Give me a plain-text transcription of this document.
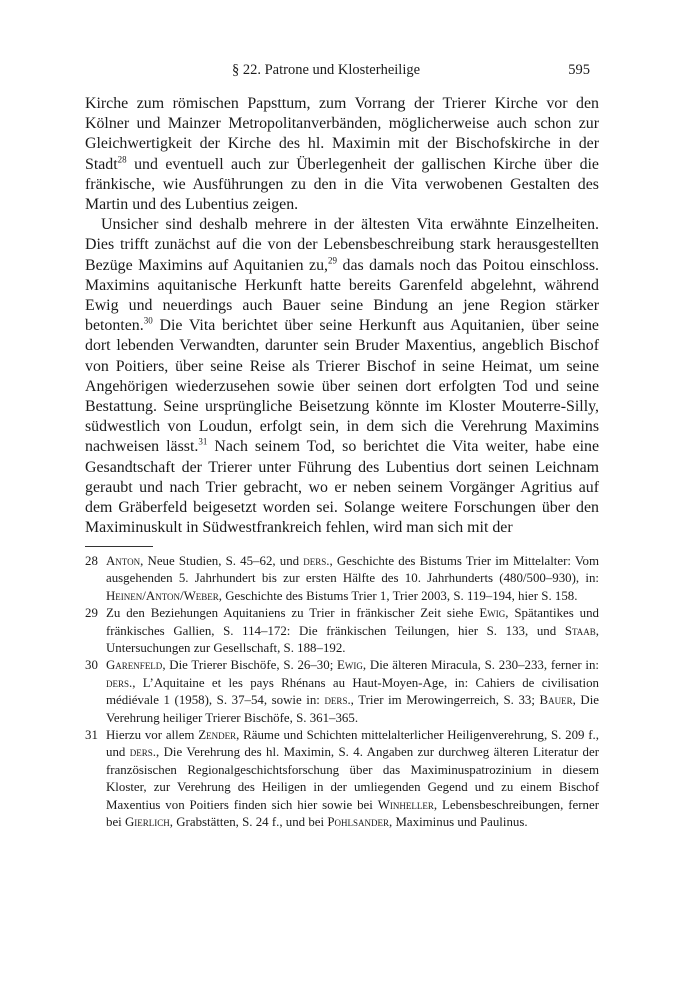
§ 22. Patrone und Klosterheilige	595

Kirche zum römischen Papsttum, zum Vorrang der Trierer Kirche vor den Kölner und Mainzer Metropolitanverbänden, möglicherweise auch schon zur Gleichwertigkeit der Kirche des hl. Maximin mit der Bischofskirche in der Stadt$^{28}$ und eventuell auch zur Überlegenheit der gallischen Kirche über die fränkische, wie Ausführungen zu den in die Vita verwobenen Gestalten des Martin und des Lubentius zeigen.

Unsicher sind deshalb mehrere in der ältesten Vita erwähnte Einzelheiten. Dies trifft zunächst auf die von der Lebensbeschreibung stark herausgestellten Bezüge Maximins auf Aquitanien zu,$^{29}$ das damals noch das Poitou einschloss. Maximins aquitanische Herkunft hatte bereits Garenfeld abgelehnt, während Ewig und neuerdings auch Bauer seine Bindung an jene Region stärker betonten.$^{30}$ Die Vita berichtet über seine Herkunft aus Aquitanien, über seine dort lebenden Verwandten, darunter sein Bruder Maxentius, angeblich Bischof von Poitiers, über seine Reise als Trierer Bischof in seine Heimat, um seine Angehörigen wiederzusehen sowie über seinen dort erfolgten Tod und seine Bestattung. Seine ursprüngliche Beisetzung könnte im Kloster Mouterre-Silly, südwestlich von Loudun, erfolgt sein, in dem sich die Verehrung Maximins nachweisen lässt.$^{31}$ Nach seinem Tod, so berichtet die Vita weiter, habe eine Gesandtschaft der Trierer unter Führung des Lubentius dort seinen Leichnam geraubt und nach Trier gebracht, wo er neben seinem Vorgänger Agritius auf dem Gräberfeld beigesetzt worden sei. Solange weitere Forschungen über den Maximinuskult in Südwestfrankreich fehlen, wird man sich mit der

28 Anton, Neue Studien, S. 45–62, und ders., Geschichte des Bistums Trier im Mittelalter: Vom ausgehenden 5. Jahrhundert bis zur ersten Hälfte des 10. Jahrhunderts (480/500–930), in: Heinen/Anton/Weber, Geschichte des Bistums Trier 1, Trier 2003, S. 119–194, hier S. 158.
29 Zu den Beziehungen Aquitaniens zu Trier in fränkischer Zeit siehe Ewig, Spätantikes und fränkisches Gallien, S. 114–172: Die fränkischen Teilungen, hier S. 133, und Staab, Untersuchungen zur Gesellschaft, S. 188–192.
30 Garenfeld, Die Trierer Bischöfe, S. 26–30; Ewig, Die älteren Miracula, S. 230–233, ferner in: ders., L’Aquitaine et les pays Rhénans au Haut-Moyen-Age, in: Cahiers de civilisation médiévale 1 (1958), S. 37–54, sowie in: ders., Trier im Merowingerreich, S. 33; Bauer, Die Verehrung heiliger Trierer Bischöfe, S. 361–365.
31 Hierzu vor allem Zender, Räume und Schichten mittelalterlicher Heiligenverehrung, S. 209 f., und ders., Die Verehrung des hl. Maximin, S. 4. Angaben zur durchweg älteren Literatur der französischen Regionalgeschichtsforschung über das Maximinuspatrozinium in diesem Kloster, zur Verehrung des Heiligen in der umliegenden Gegend und zu einem Bischof Maxentius von Poitiers finden sich hier sowie bei Winheller, Lebensbeschreibungen, ferner bei Gierlich, Grabstätten, S. 24 f., und bei Pohlsander, Maximinus und Paulinus.
